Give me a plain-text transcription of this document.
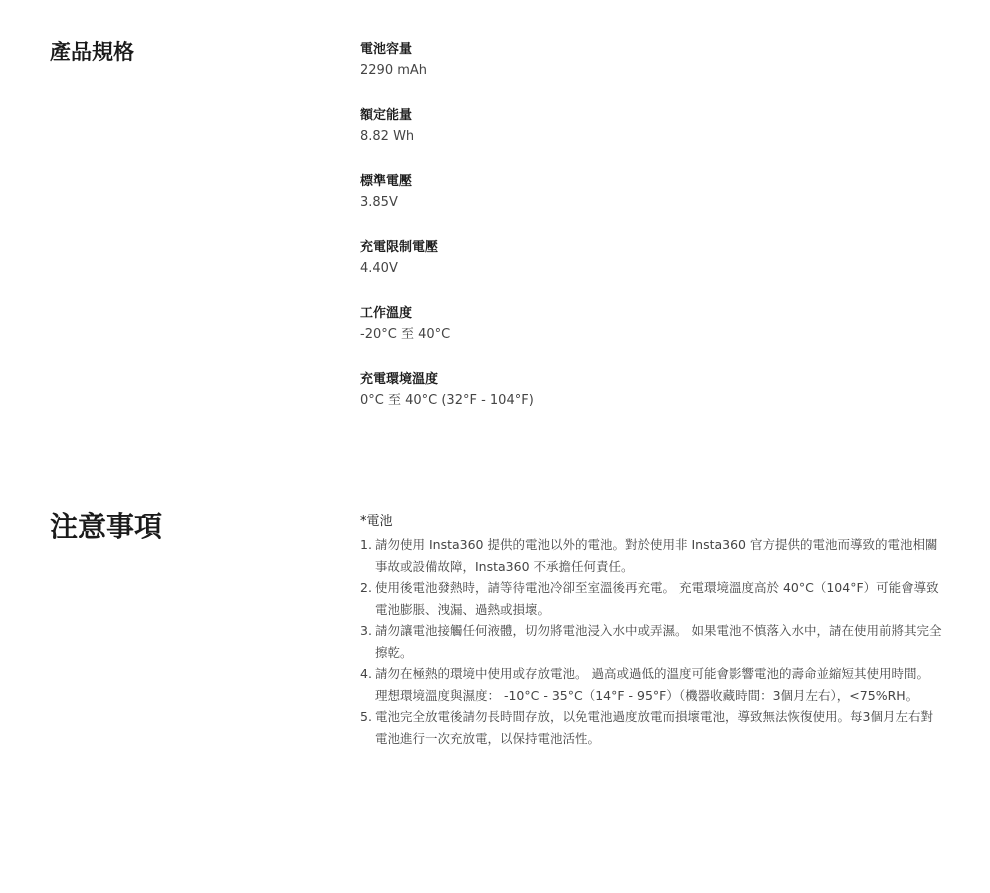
產品規格	電池容量
2290 mAh
額定能量
8.82 Wh
標準電壓
3.85V
充電限制電壓
4.40V
工作溫度
-20°C 至 40°C
充電環境溫度
0°C 至 40°C (32°F - 104°F)
注意事項	*電池
1. 請勿使用 Insta360 提供的電池以外的電池。對於使用非 Insta360 官方提供的電池而導致的電池相關事故或設備故障，Insta360 不承擔任何責任。
2. 使用後電池發熱時，請等待電池冷卻至室溫後再充電。 充電環境溫度高於 40°C（104°F）可能會導致電池膨脹、洩漏、過熱或損壞。
3. 請勿讓電池接觸任何液體，切勿將電池浸入水中或弄濕。 如果電池不慎落入水中，請在使用前將其完全擦乾。
4. 請勿在極熱的環境中使用或存放電池。 過高或過低的溫度可能會影響電池的壽命並縮短其使用時間。 理想環境溫度與濕度： -10°C - 35°C（14°F - 95°F）（機器收藏時間：3個月左右），<75%RH。
5. 電池完全放電後請勿長時間存放，以免電池過度放電而損壞電池，導致無法恢復使用。每3個月左右對電池進行一次充放電，以保持電池活性。
